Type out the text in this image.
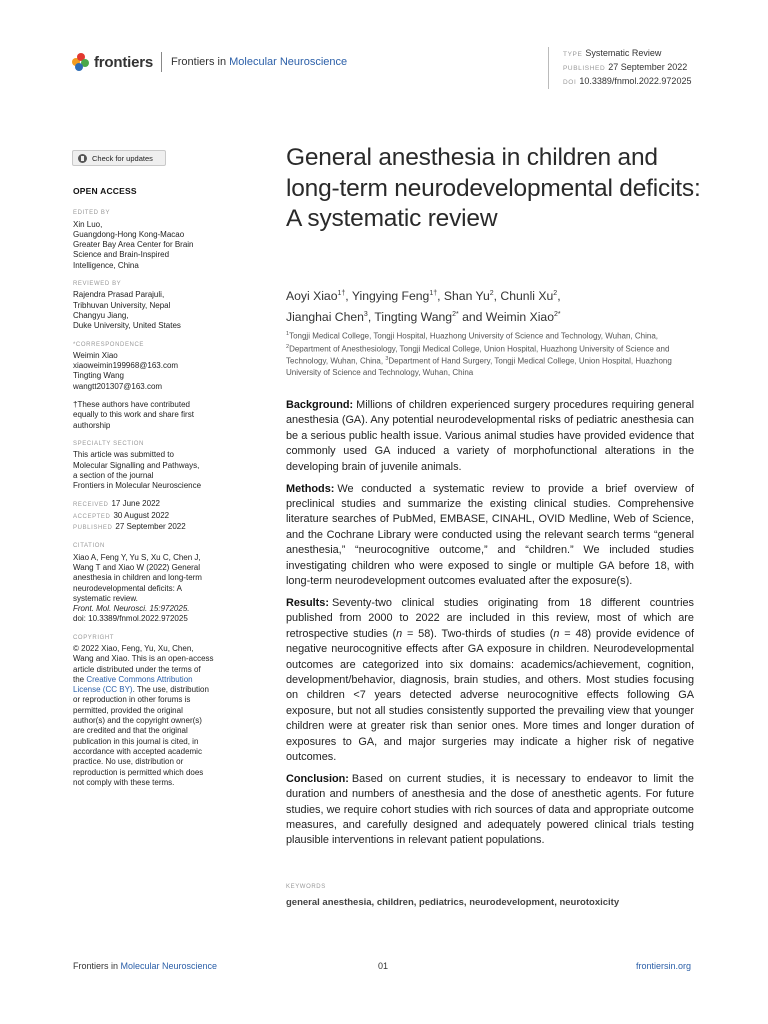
frontiers Frontiers in Molecular Neuroscience
TYPE Systematic Review
PUBLISHED 27 September 2022
DOI 10.3389/fnmol.2022.972025
Check for updates
OPEN ACCESS
EDITED BY
Xin Luo,
Guangdong-Hong Kong-Macao
Greater Bay Area Center for Brain
Science and Brain-Inspired
Intelligence, China
REVIEWED BY
Rajendra Prasad Parajuli,
Tribhuvan University, Nepal
Changyu Jiang,
Duke University, United States
*CORRESPONDENCE
Weimin Xiao
xiaoweimin199968@163.com
Tingting Wang
wangtt201307@163.com
†These authors have contributed
equally to this work and share first
authorship
SPECIALTY SECTION
This article was submitted to
Molecular Signalling and Pathways,
a section of the journal
Frontiers in Molecular Neuroscience
RECEIVED 17 June 2022
ACCEPTED 30 August 2022
PUBLISHED 27 September 2022
CITATION
Xiao A, Feng Y, Yu S, Xu C, Chen J,
Wang T and Xiao W (2022) General
anesthesia in children and long-term
neurodevelopmental deficits: A
systematic review.
Front. Mol. Neurosci. 15:972025.
doi: 10.3389/fnmol.2022.972025
COPYRIGHT
© 2022 Xiao, Feng, Yu, Xu, Chen,
Wang and Xiao. This is an open-access
article distributed under the terms of
the Creative Commons Attribution
License (CC BY). The use, distribution
or reproduction in other forums is
permitted, provided the original
author(s) and the copyright owner(s)
are credited and that the original
publication in this journal is cited, in
accordance with accepted academic
practice. No use, distribution or
reproduction is permitted which does
not comply with these terms.
General anesthesia in children and long-term neurodevelopmental deficits: A systematic review
Aoyi Xiao$^{1\dagger}$, Yingying Feng$^{1\dagger}$, Shan Yu$^2$, Chunli Xu$^2$,
Jianghai Chen$^3$, Tingting Wang$^{2*}$ and Weimin Xiao$^{2*}$
$^1$Tongji Medical College, Tongji Hospital, Huazhong University of Science and Technology, Wuhan, China, $^2$Department of Anesthesiology, Tongji Medical College, Union Hospital, Huazhong University of Science and Technology, Wuhan, China, $^3$Department of Hand Surgery, Tongji Medical College, Union Hospital, Huazhong University of Science and Technology, Wuhan, China

Background: Millions of children experienced surgery procedures requiring general anesthesia (GA). Any potential neurodevelopmental risks of pediatric anesthesia can be a serious public health issue. Various animal studies have provided evidence that commonly used GA induced a variety of morphofunctional alterations in the developing brain of juvenile animals.

Methods: We conducted a systematic review to provide a brief overview of preclinical studies and summarize the existing clinical studies. Comprehensive literature searches of PubMed, EMBASE, CINAHL, OVID Medline, Web of Science, and the Cochrane Library were conducted using the relevant search terms “general anesthesia,” “neurocognitive outcome,” and “children.” We included studies investigating children who were exposed to single or multiple GA before 18, with long-term neurodevelopment outcomes evaluated after the exposure(s).

Results: Seventy-two clinical studies originating from 18 different countries published from 2000 to 2022 are included in this review, most of which are retrospective studies (n = 58). Two-thirds of studies (n = 48) provide evidence of negative neurocognitive effects after GA exposure in children. Neurodevelopmental outcomes are categorized into six domains: academics/achievement, cognition, development/behavior, diagnosis, brain studies, and others. Most studies focusing on children <7 years detected adverse neurocognitive effects following GA exposure, but not all studies consistently supported the prevailing view that younger children were at greater risk than senior ones. More times and longer duration of exposures to GA, and major surgeries may indicate a higher risk of negative outcomes.

Conclusion: Based on current studies, it is necessary to endeavor to limit the duration and numbers of anesthesia and the dose of anesthetic agents. For future studies, we require cohort studies with rich sources of data and appropriate outcome measures, and carefully designed and adequately powered clinical trials testing plausible interventions in relevant patient populations.

KEYWORDS
general anesthesia, children, pediatrics, neurodevelopment, neurotoxicity
Frontiers in Molecular Neuroscience	01	frontiersin.org
